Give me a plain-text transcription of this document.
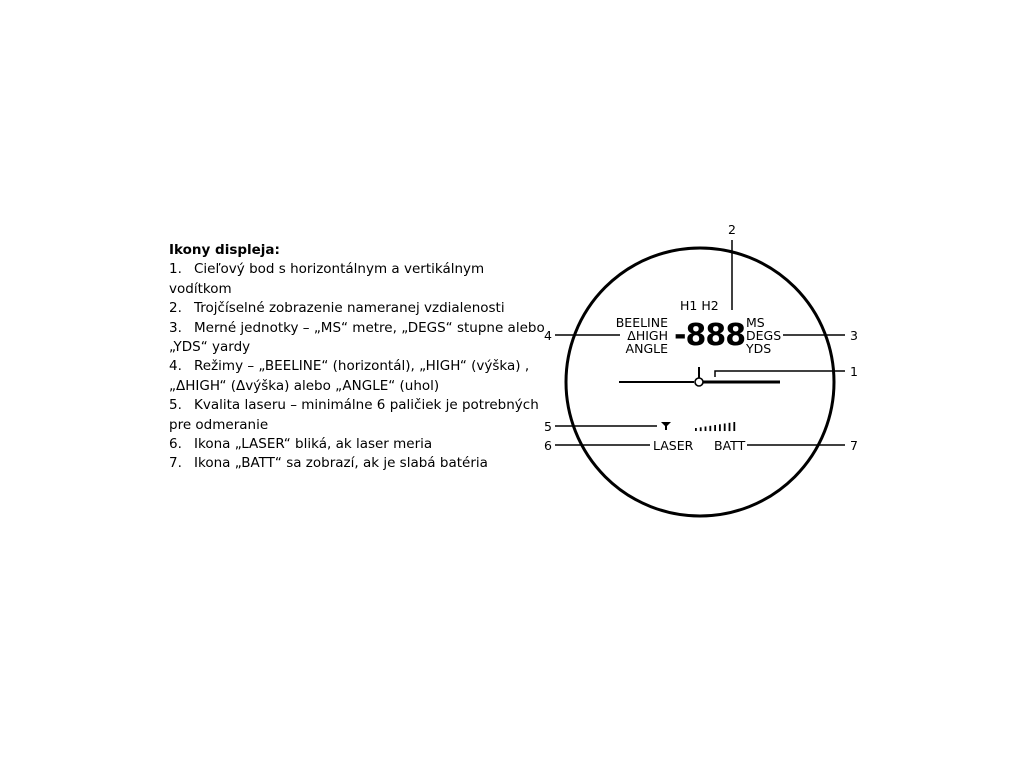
Ikony displeja:

1. Cieľový bod s horizontálnym a vertikálnym vodítkom
2. Trojčíselné zobrazenie nameranej vzdialenosti
3. Merné jednotky – „MS“ metre, „DEGS“ stupne alebo „YDS“ yardy
4. Režimy – „BEELINE“ (horizontál), „HIGH“ (výška) , „ΔHIGH“ (Δvýška) alebo „ANGLE“ (uhol)
5. Kvalita laseru – minimálne 6 paličiek je potrebných pre odmeranie
6. Ikona „LASER“ bliká, ak laser meria
7. Ikona „BATT“ sa zobrazí, ak je slabá batéria
H1 H2
BEELINE
ΔHIGH
ANGLE -888 MS
DEGS
YDS
LASER BATT
1
2
3
4
5
6	7
